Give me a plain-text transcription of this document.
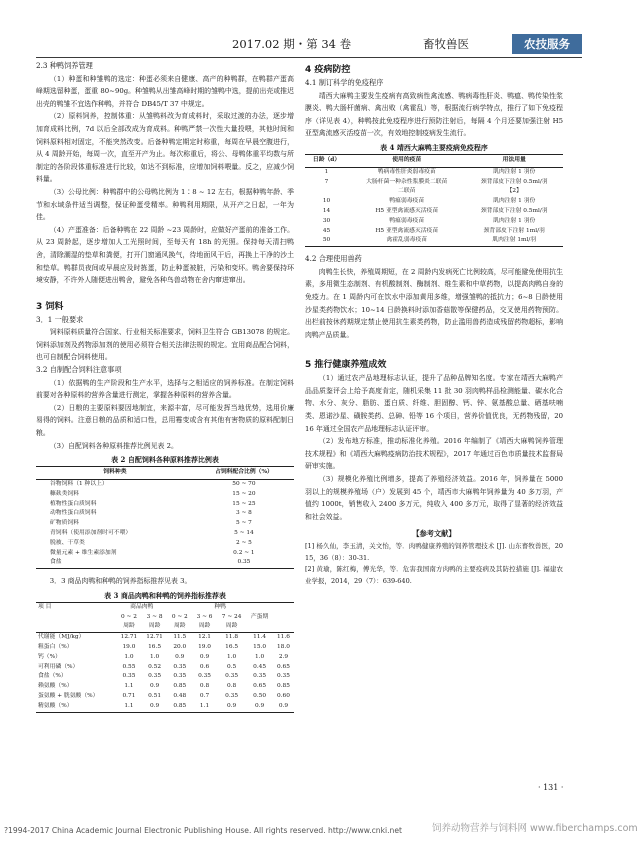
2017.02 期・第 34 卷	畜牧兽医	农技服务
2.3 种鸭饲养管理

（1）种蛋和种雏鸭的选定：种蛋必须来自健康、高产的种鸭群，在鸭群产蛋高峰期选留种蛋，蛋重 80~90g。种雏鸭从出雏高峰时期的雏鸭中选，提前出壳或推迟出壳的鸭雏不宜选作种鸭，并符合 DB45/T 37 中规定。

（2）原料饲养，控制体重：从雏鸭料改为育成料时，采取过渡的办法，逐步增加育成料比例，7d 以后全部改成为育成料。种鸭严禁一次性大量投喂，其他时间和饲料原料相对固定，不能突然改变。后备种鸭定期定时称重，每周在早晨空腹进行，从 4 周龄开始，每周一次，直至开产为止。每次称重后，将公、母鸭体重平均数与所制定的各阶段体重标准进行比较，如达不到标准，应增加饲料喂量。反之，应减少饲料量。

（3）公母比例：种鸭群中的公母鸭比例为 1∶8 ~ 12 左右，根据种鸭年龄、季节和水域条件适当调整，保证种蛋受精率。种鸭利用期限，从开产之日起，一年为佳。

（4）产蛋准备：后备种鸭在 22 周龄 ~23 周龄时，应做好产蛋前的准备工作。从 23 周龄起，逐步增加人工光照时间，至每天有 18h 的光照。保持每天清扫鸭舍，清除潮湿的垫草和粪便，打开门窗通风换气，待地面风干后，再换上干净的沙土和垫草。鸭群员夜间或早晨应及时拣蛋，防止种蛋被脏，污染和变坏。鸭舍要保持环境安静，不许外人随便进出鸭舍，避免各种鸟兽动物在舍内窜进窜出。

3 饲料
3．1 一般要求

饲料原料质量符合国家、行业相关标准要求，饲料卫生符合 GB13078 的规定。饲料添加剂及药物添加剂的使用必须符合相关法律法规的规定。宜用商品配合饲料，也可自制配合饲料使用。

3.2 自制配合饲料注意事项

（1）依据鸭的生产阶段和生产水平，选择与之相适应的饲养标准。在制定饲料前要对各种原料的营养含量进行测定，掌握各种原料的营养含量。

（2）日粮的主要原料要因地制宜，来源丰富，尽可能发挥当地优势，选用价廉易得的饲料。注意日粮的品质和适口性，总用霉变或含有其他有害物质的原料配制日粮。

（3）自配饲料各种原料推荐比例见表 2。

表 2 自配饲料各种原料推荐比例表
饲料种类	占饲料配合比例（%）
谷物饲料（1 种以上）	50 ~ 70
糠麸类饲料	15 ~ 20
植物性蛋白质饲料	15 ~ 25
动物性蛋白质饲料	3 ~ 8
矿物质饲料	5 ~ 7
青饲料（使用添加剂时可不喂）	5 ~ 14
脱被、干草类	2 ~ 5
微量元素 + 维生素添加剂	0.2 ~ 1
食盐	0.35

3．3 商品肉鸭和种鸭的饲养指标推荐见表 3。

表 3 商品肉鸭和种鸭的饲养指标推荐表
项 目	商品肉鸭		种鸭				
	0 ~ 2	3 ~ 8	0 ~ 2	3 ~ 6	7 ~ 24	产蛋期	
	周龄	周龄	周龄	周龄	周龄		
代谢能（MJ/kg）	12.71	12.71	11.5	12.1	11.8	11.4	11.6
粗蛋白（%）	19.0	16.5	20.0	19.0	16.5	15.0	18.0
钙（%）	1.0	1.0	0.9	0.9	1.0	1.0	2.9
可利用磷（%）	0.55	0.52	0.35	0.6	0.5	0.45	0.65
食盐（%）	0.35	0.35	0.35	0.35	0.35	0.35	0.35
赖氨酸（%）	1.1	0.9	0.85	0.8	0.8	0.65	0.85
蛋氨酸 + 胱氨酸（%）	0.71	0.51	0.48	0.7	0.35	0.50	0.60
精氨酸（%）	1.1	0.9	0.85	1.1	0.9	0.9	0.9
4 疫病防控
4.1 制订科学的免疫程序

靖西大麻鸭主要发生疫病有高致病性禽流感、鸭病毒性肝炎、鸭瘟、鸭传染性浆膜炎、鸭大肠杆菌病、禽出败（禽霍乱）等，根据流行病学特点，推行了如下免疫程序（详见表 4），种鸭按此免疫程序进行预防注射后，每隔 4 个月还要加强注射 H5 亚型禽流感灭活疫苗一次，有效地控制疫病发生流行。

表 4 靖西大麻鸭主要疫病免疫程序
日龄（d）	使用的疫苗	用法用量
1	鸭病毒性肝炎弱毒疫苗	肌肉注射 1 羽份
7	大肠杆菌一种杂性浆膜炎二联苗	颈背部皮下注射 0.5ml/羽
	二联苗	【2】
10	鸭瘟弱毒疫苗	肌肉注射 1 羽份
14	H5 亚型禽流感灭活疫苗	颈背部皮下注射 0.5ml/羽
30	鸭瘟弱毒疫苗	肌肉注射 1 羽份
45	H5 亚型禽流感灭活疫苗	颈背部皮下注射 1ml/羽
50	禽霍乱弱毒疫苗	肌肉注射 1ml/羽
4.2 合理使用兽药

肉鸭生长快，养殖周期短，在 2 周龄内发病死亡比例较高，尽可能避免使用抗生素，多用微生态制剂、有机酸制剂、酶制剂、维生素和中草药物，以提高肉鸭自身的免疫力。在 1 周龄内可在饮水中添加黄用多维，增强雏鸭的抵抗力；6~8 日龄使用沙星类药物饮水；10~14 日龄换料时添加香菇散等保健药品，交叉使用药物预防。出栏前按休药期规定禁止使用抗生素类药物，防止滥用兽药造成残留药物超标，影响肉鸭产品质量。

5 推行健康养殖成效

（1）通过农产品地理标志认证，提升了品种品牌知名度。专家在靖西大麻鸭产品品质鉴评会上给予高度肯定，随机采集 11 批 30 羽肉鸭样品检测能量、碳水化合物、水分、灰分、脂肪、蛋白质、纤维、胆固醇、钙、锌、氨基酸总量、硒基呋喃类、恩诺沙星、磺胺类药、总砷、铅等 16 个项目，营养价值优良，无药物残留，2016 年通过全国农产品地理标志认证评审。

（2）发布地方标准，推动标准化养殖。2016 年编制了《靖西大麻鸭饲养管理技术规程》和《靖西大麻鸭疫病防治技术规程》，2017 年通过百色市质量技术监督局研审实施。

（3）规模化养殖比例增多，提高了养殖经济效益。2016 年，饲养量在 5000 羽以上的规模养殖场（户）发展到 45 个，靖西市大麻鸭年饲养量为 40 多万羽，产值约 1000t，销售收入 2400 多万元，纯收入 400 多万元，取得了显著的经济效益和社会效益。

【参考文献】

[1] 杨久仙，李玉清，关文怡，等．肉鸭健康养殖的饲养管理技术 [J]. 山东畜牧兽医，2015，36（8）：30-31.

[2] 黄瑜，陈红梅，傅光华，等．危害我国南方肉鸭的主要疫病及其防控措施 [J]. 福建农业学报，2014，29（7）：639-640.

· 131 ·
?1994-2017 China Academic Journal Electronic Publishing House. All rights reserved. http://www.cnki.net	饲养动物营养与饲料网 www.fiberchamps.com
